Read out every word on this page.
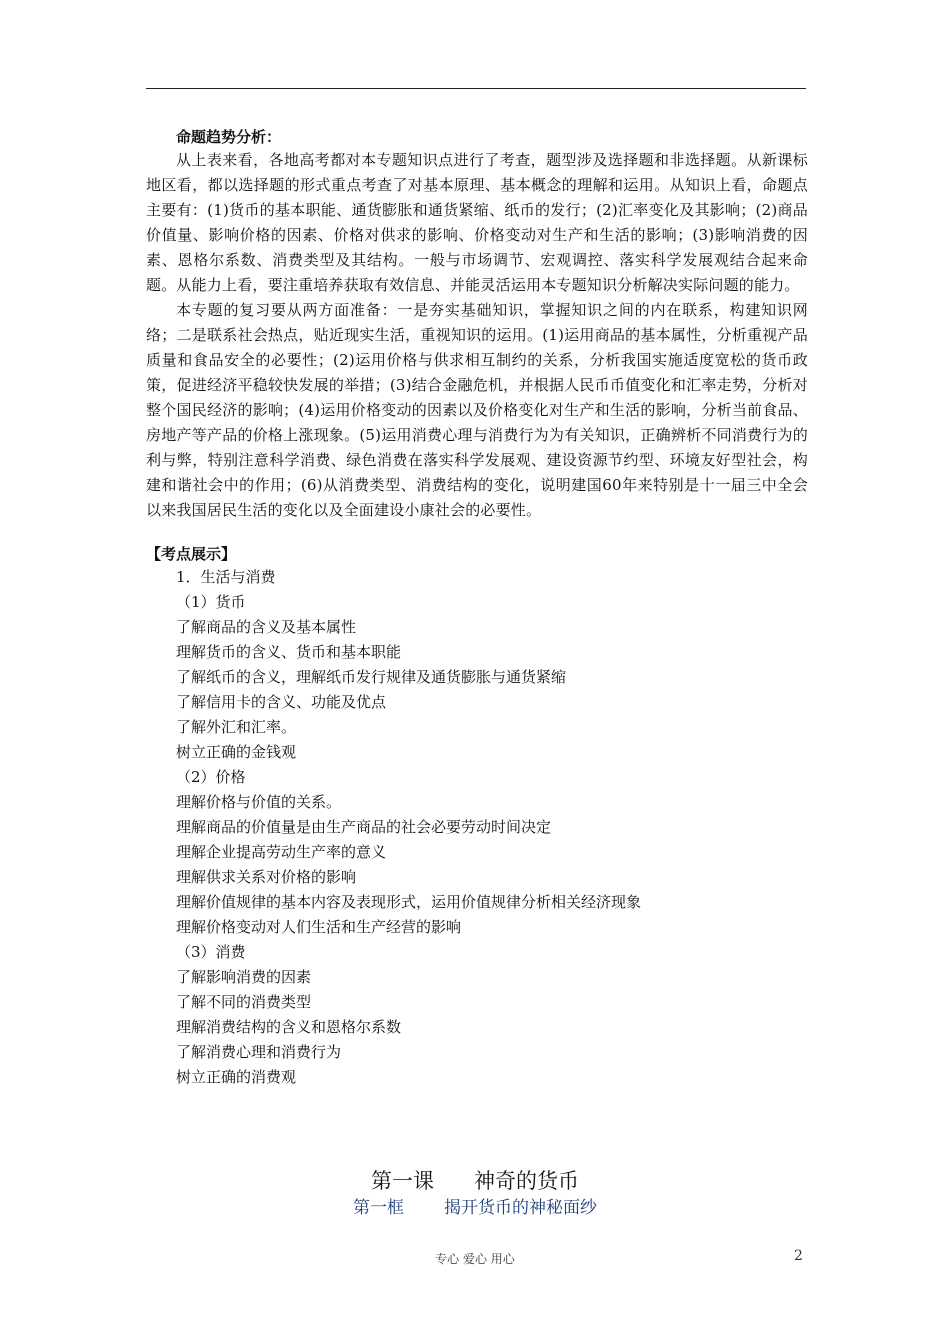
命题趋势分析：

从上表来看，各地高考都对本专题知识点进行了考查，题型涉及选择题和非选择题。从新课标地区看，都以选择题的形式重点考查了对基本原理、基本概念的理解和运用。从知识上看，命题点主要有：(1)货币的基本职能、通货膨胀和通货紧缩、纸币的发行；(2)汇率变化及其影响；(2)商品价值量、影响价格的因素、价格对供求的影响、价格变动对生产和生活的影响；(3)影响消费的因素、恩格尔系数、消费类型及其结构。一般与市场调节、宏观调控、落实科学发展观结合起来命题。从能力上看，要注重培养获取有效信息、并能灵活运用本专题知识分析解决实际问题的能力。

本专题的复习要从两方面准备：一是夯实基础知识，掌握知识之间的内在联系，构建知识网络；二是联系社会热点，贴近现实生活，重视知识的运用。(1)运用商品的基本属性，分析重视产品质量和食品安全的必要性；(2)运用价格与供求相互制约的关系，分析我国实施适度宽松的货币政策，促进经济平稳较快发展的举措；(3)结合金融危机，并根据人民币币值变化和汇率走势，分析对整个国民经济的影响；(4)运用价格变动的因素以及价格变化对生产和生活的影响，分析当前食品、房地产等产品的价格上涨现象。(5)运用消费心理与消费行为为有关知识，正确辨析不同消费行为的利与弊，特别注意科学消费、绿色消费在落实科学发展观、建设资源节约型、环境友好型社会，构建和谐社会中的作用；(6)从消费类型、消费结构的变化，说明建国60年来特别是十一届三中全会以来我国居民生活的变化以及全面建设小康社会的必要性。

【考点展示】

1．生活与消费
（1）货币
了解商品的含义及基本属性
理解货币的含义、货币和基本职能
了解纸币的含义，理解纸币发行规律及通货膨胀与通货紧缩
了解信用卡的含义、功能及优点
了解外汇和汇率。
树立正确的金钱观
（2）价格
理解价格与价值的关系。
理解商品的价值量是由生产商品的社会必要劳动时间决定
理解企业提高劳动生产率的意义
理解供求关系对价格的影响
理解价值规律的基本内容及表现形式，运用价值规律分析相关经济现象
理解价格变动对人们生活和生产经营的影响
（3）消费
了解影响消费的因素
了解不同的消费类型
理解消费结构的含义和恩格尔系数
了解消费心理和消费行为
树立正确的消费观
第一课 神奇的货币
第一框 揭开货币的神秘面纱
专心 爱心 用心	2
